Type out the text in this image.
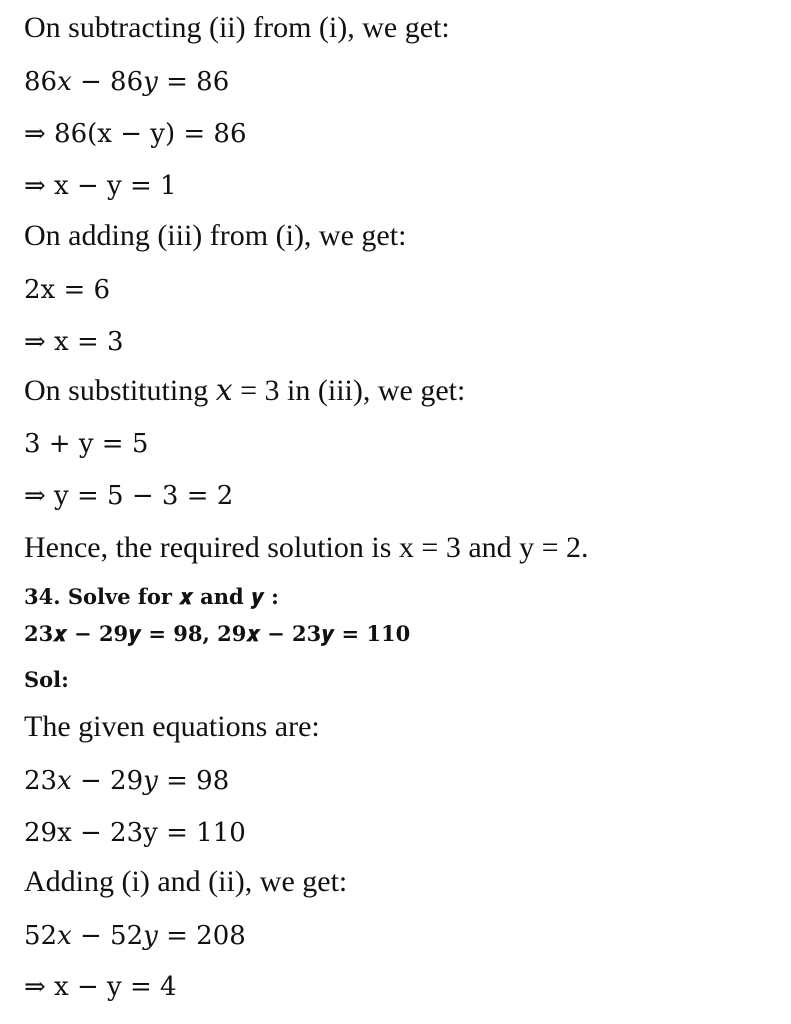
On subtracting (ii) from (i), we get:
86𝑥 − 86𝑦 = 86
⇒ 86(x − y) = 86
⇒ x − y = 1
On adding (iii) from (i), we get:
2x = 6
⇒ x = 3
On substituting 𝑥 = 3 in (iii), we get:
3 + y = 5
⇒ y = 5 − 3 = 2
Hence, the required solution is x = 3 and y = 2.
34. Solve for 𝒙 and 𝒚 :
𝟐𝟑𝒙 − 𝟐𝟗𝒚 = 𝟗𝟖, 𝟐𝟗𝒙 − 𝟐𝟑𝒚 = 𝟏𝟏𝟎
Sol:
The given equations are:
23𝑥 − 29𝑦 = 98
29x − 23y = 110
Adding (i) and (ii), we get:
52𝑥 − 52𝑦 = 208
⇒ x − y = 4
